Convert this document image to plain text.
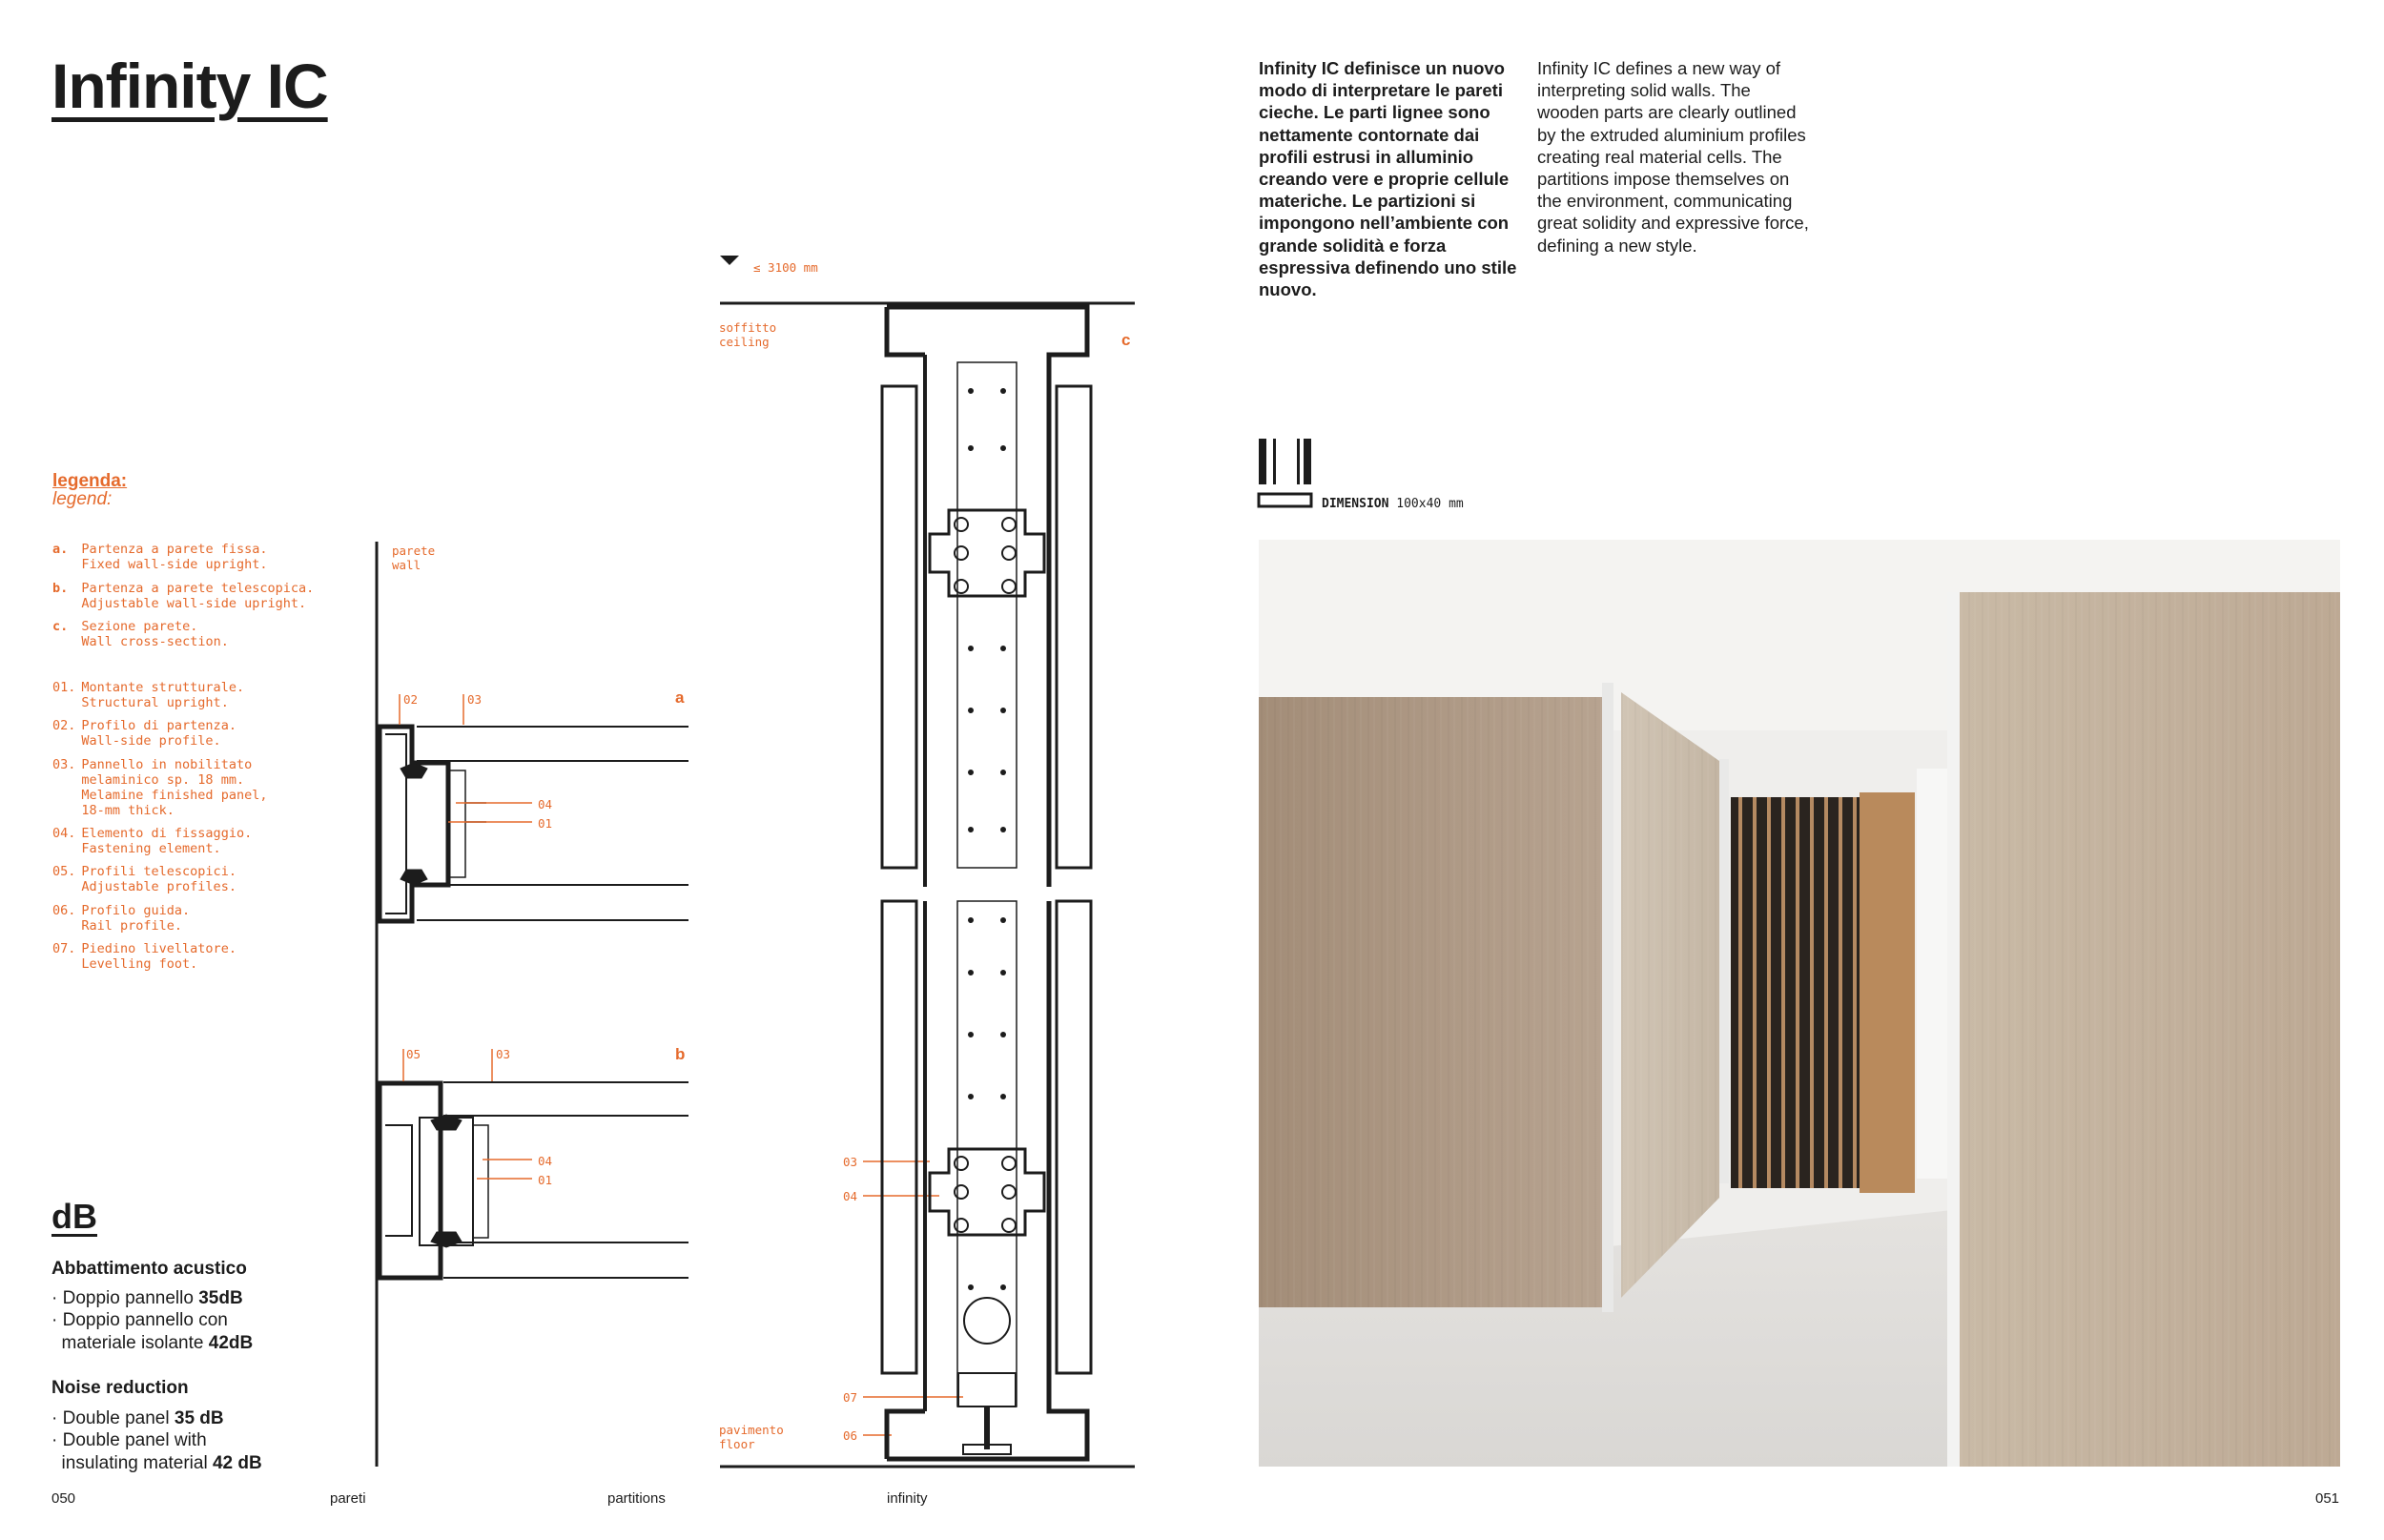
Infinity IC
legenda:
legend:
a. Partenza a parete fissa.
Fixed wall-side upright.
b. Partenza a parete telescopica.
Adjustable wall-side upright.
c. Sezione parete.
Wall cross-section.
01. Montante strutturale.
Structural upright.
02. Profilo di partenza.
Wall-side profile.
03. Pannello in nobilitato
melaminico sp. 18 mm.
Melamine finished panel,
18-mm thick.
04. Elemento di fissaggio.
Fastening element.
05. Profili telescopici.
Adjustable profiles.
06. Profilo guida.
Rail profile.
07. Piedino livellatore.
Levelling foot.
dB
Abbattimento acustico
· Doppio pannello 35dB
· Doppio pannello con
materiale isolante 42dB
Noise reduction
· Double panel 35 dB
· Double panel with
insulating material 42 dB
parete
wall
a
b
c
02	03
04
01
05	03
04
01
03
04
07
06
≤ 3100 mm
soffitto
ceiling
pavimento
floor
Infinity IC definisce un nuovo modo di interpretare le pareti cieche. Le parti lignee sono nettamente contornate dai profili estrusi in alluminio creando vere e proprie cellule materiche. Le partizioni si impongono nell’ambiente con grande solidità e forza espressiva definendo uno stile nuovo.
Infinity IC defines a new way of interpreting solid walls. The wooden parts are clearly outlined by the extruded aluminium profiles creating real material cells. The partitions impose themselves on the environment, communicating great solidity and expressive force, defining a new style.
DIMENSION 100x40 mm
050	pareti	partitions	infinity	051
